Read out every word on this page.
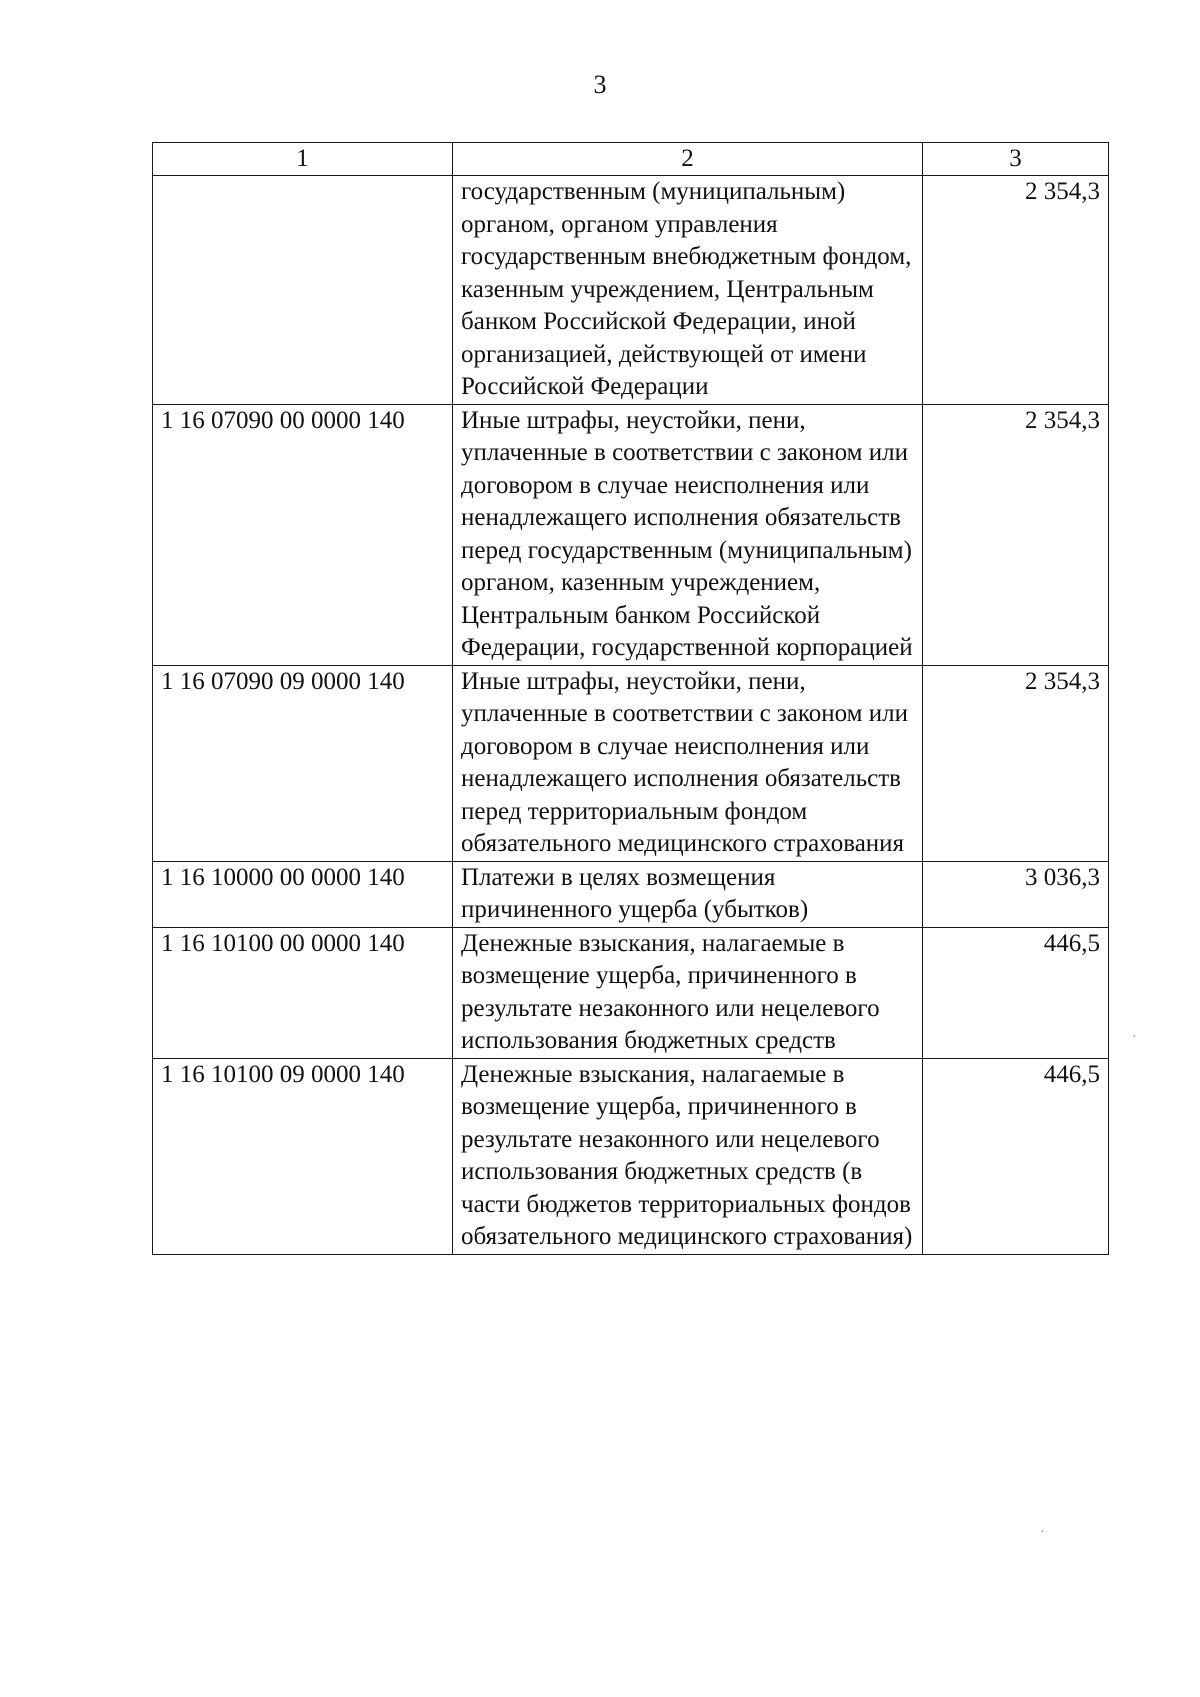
3
1	2	3
	государственным (муниципальным) органом, органом управления государственным внебюджетным фондом, казенным учреждением, Центральным банком Российской Федерации, иной организацией, действующей от имени Российской Федерации	2 354,3
1 16 07090 00 0000 140	Иные штрафы, неустойки, пени, уплаченные в соответствии с законом или договором в случае неисполнения или ненадлежащего исполнения обязательств перед государственным (муниципальным) органом, казенным учреждением, Центральным банком Российской Федерации, государственной корпорацией	2 354,3
1 16 07090 09 0000 140	Иные штрафы, неустойки, пени, уплаченные в соответствии с законом или договором в случае неисполнения или ненадлежащего исполнения обязательств перед территориальным фондом обязательного медицинского страхования	2 354,3
1 16 10000 00 0000 140	Платежи в целях возмещения причиненного ущерба (убытков)	3 036,3
1 16 10100 00 0000 140	Денежные взыскания, налагаемые в возмещение ущерба, причиненного в результате незаконного или нецелевого использования бюджетных средств	446,5
1 16 10100 09 0000 140	Денежные взыскания, налагаемые в возмещение ущерба, причиненного в результате незаконного или нецелевого использования бюджетных средств (в части бюджетов территориальных фондов обязательного медицинского страхования)	446,5
·
·
